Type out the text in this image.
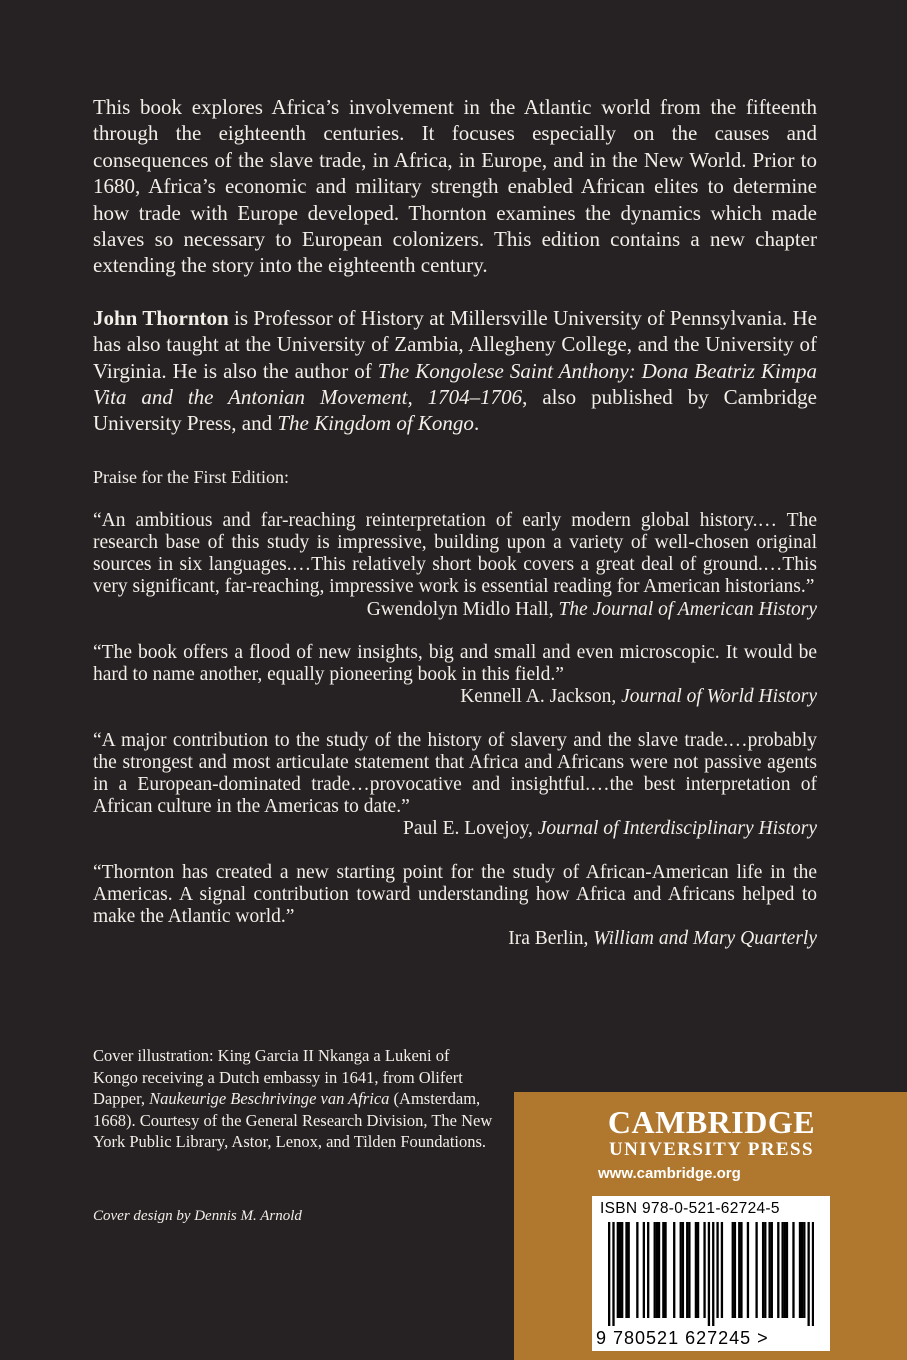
This book explores Africa’s involvement in the Atlantic world from the fifteenth through the eighteenth centuries. It focuses especially on the causes and consequences of the slave trade, in Africa, in Europe, and in the New World. Prior to 1680, Africa’s economic and military strength enabled African elites to determine how trade with Europe developed. Thornton examines the dynamics which made slaves so necessary to European colonizers. This edition contains a new chapter extending the story into the eighteenth century.

John Thornton is Professor of History at Millersville University of Pennsylvania. He has also taught at the University of Zambia, Allegheny College, and the University of Virginia. He is also the author of The Kongolese Saint Anthony: Dona Beatriz Kimpa Vita and the Antonian Movement, 1704–1706, also published by Cambridge University Press, and The Kingdom of Kongo.

Praise for the First Edition:

“An ambitious and far-reaching reinterpretation of early modern global history.… The research base of this study is impressive, building upon a variety of well-chosen original sources in six languages.…This relatively short book covers a great deal of ground.…This very significant, far-reaching, impressive work is essential reading for American historians.”

Gwendolyn Midlo Hall, The Journal of American History

“The book offers a flood of new insights, big and small and even microscopic. It would be hard to name another, equally pioneering book in this field.”

Kennell A. Jackson, Journal of World History

“A major contribution to the study of the history of slavery and the slave trade.…probably the strongest and most articulate statement that Africa and Africans were not passive agents in a European-dominated trade…provocative and insightful.…the best interpretation of African culture in the Americas to date.”

Paul E. Lovejoy, Journal of Interdisciplinary History

“Thornton has created a new starting point for the study of African-American life in the Americas. A signal contribution toward understanding how Africa and Africans helped to make the Atlantic world.”

Ira Berlin, William and Mary Quarterly

Cover illustration: King Garcia II Nkanga a Lukeni of Kongo receiving a Dutch embassy in 1641, from Olifert Dapper, Naukeurige Beschrivinge van Africa (Amsterdam, 1668). Courtesy of the General Research Division, The New York Public Library, Astor, Lenox, and Tilden Foundations.

Cover design by Dennis M. Arnold

CAMBRIDGE
UNIVERSITY PRESS
www.cambridge.org
ISBN 978-0-521-62724-5
9 780521 627245 >
